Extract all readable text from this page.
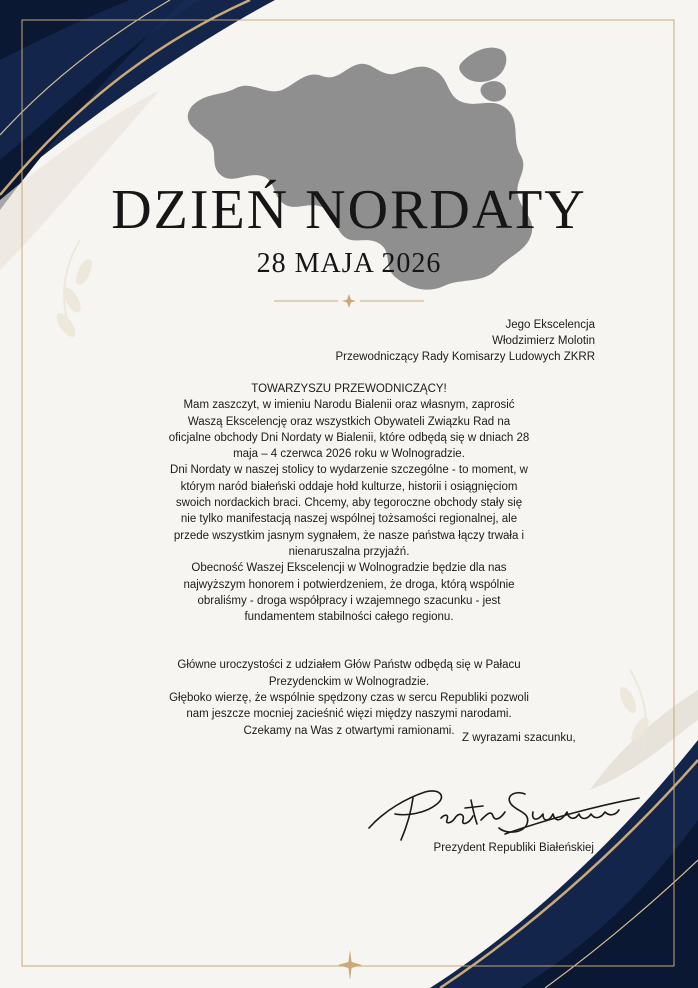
DZIEŃ NORDATY
28 MAJA 2026
Jego Ekscelencja
Włodzimierz Molotin
Przewodniczący Rady Komisarzy Ludowych ZKRR

TOWARZYSZU PRZEWODNICZĄCY!

Mam zaszczyt, w imieniu Narodu Bialenii oraz własnym, zaprosić Waszą Ekscelencję oraz wszystkich Obywateli Związku Rad na oficjalne obchody Dni Nordaty w Bialenii, które odbędą się w dniach 28 maja – 4 czerwca 2026 roku w Wolnogradzie.

Dni Nordaty w naszej stolicy to wydarzenie szczególne - to moment, w którym naród białeński oddaje hołd kulturze, historii i osiągnięciom swoich nordackich braci. Chcemy, aby tegoroczne obchody stały się nie tylko manifestacją naszej wspólnej tożsamości regionalnej, ale przede wszystkim jasnym sygnałem, że nasze państwa łączy trwała i nienaruszalna przyjaźń.

Obecność Waszej Ekscelencji w Wolnogradzie będzie dla nas najwyższym honorem i potwierdzeniem, że droga, którą wspólnie obraliśmy - droga współpracy i wzajemnego szacunku - jest fundamentem stabilności całego regionu.

Główne uroczystości z udziałem Głów Państw odbędą się w Pałacu Prezydenckim w Wolnogradzie.

Głęboko wierzę, że wspólnie spędzony czas w sercu Republiki pozwoli nam jeszcze mocniej zacieśnić więzi między naszymi narodami. Czekamy na Was z otwartymi ramionami.

Z wyrazami szacunku,
Prezydent Republiki Białeńskiej
